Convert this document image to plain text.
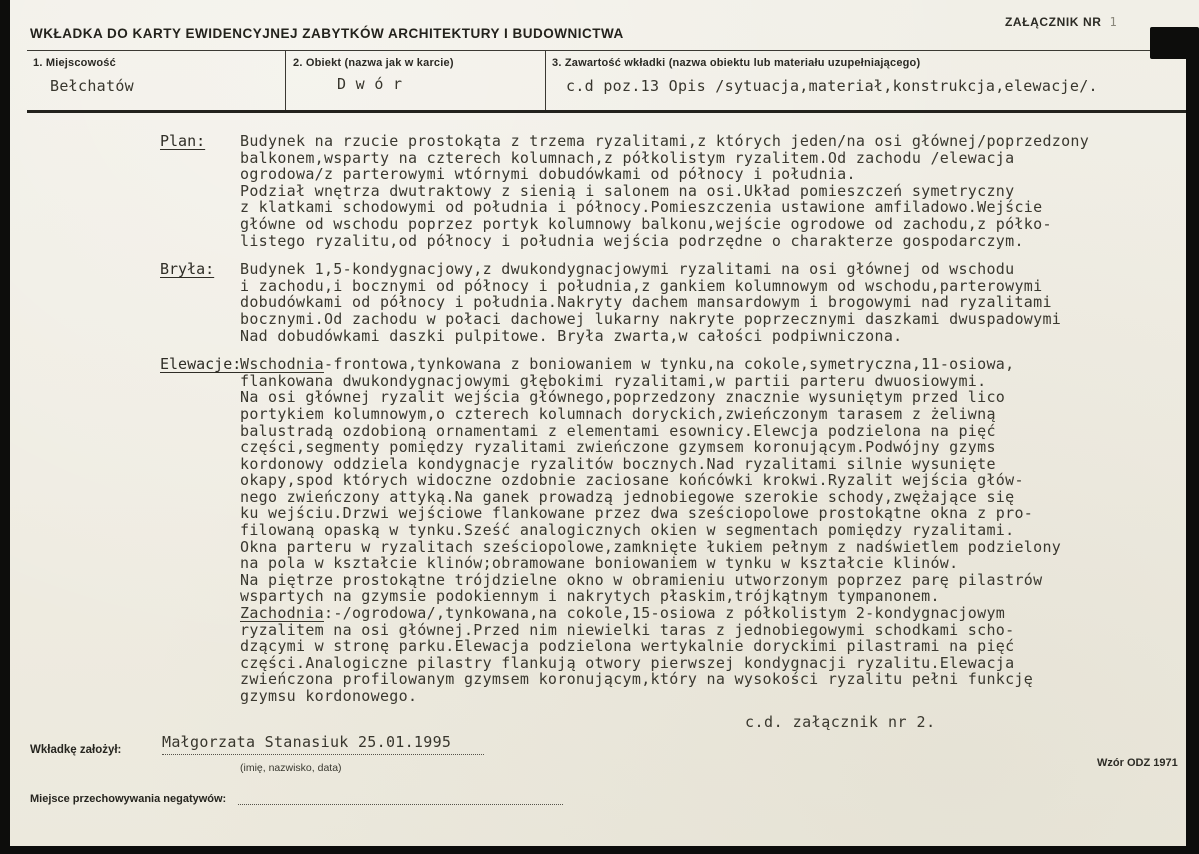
ZAŁĄCZNIK NR 1
WKŁADKA DO KARTY EWIDENCYJNEJ ZABYTKÓW ARCHITEKTURY I BUDOWNICTWA
1. Miejscowość
Bełchatów
2. Obiekt (nazwa jak w karcie)
D w ó r
3. Zawartość wkładki (nazwa obiektu lub materiału uzupełniającego)
c.d poz.13 Opis /sytuacja,materiał,konstrukcja,elewacje/.
Plan:	Budynek na rzucie prostokąta z trzema ryzalitami,z których jeden/na osi głównej/poprzedzony
balkonem,wsparty na czterech kolumnach,z półkolistym ryzalitem.Od zachodu /elewacja
ogrodowa/z parterowymi wtórnymi dobudówkami od północy i południa.
Podział wnętrza dwutraktowy z sienią i salonem na osi.Układ pomieszczeń symetryczny
z klatkami schodowymi od południa i północy.Pomieszczenia ustawione amfiladowo.Wejście
główne od wschodu poprzez portyk kolumnowy balkonu,wejście ogrodowe od zachodu,z półko-
listego ryzalitu,od północy i południa wejścia podrzędne o charakterze gospodarczym.
Bryła:	Budynek 1,5-kondygnacjowy,z dwukondygnacjowymi ryzalitami na osi głównej od wschodu
i zachodu,i bocznymi od północy i południa,z gankiem kolumnowym od wschodu,parterowymi
dobudówkami od północy i południa.Nakryty dachem mansardowym i brogowymi nad ryzalitami
bocznymi.Od zachodu w połaci dachowej lukarny nakryte poprzecznymi daszkami dwuspadowymi
Nad dobudówkami daszki pulpitowe. Bryła zwarta,w całości podpiwniczona.
Elewacje:
Wschodnia-frontowa,tynkowana z boniowaniem w tynku,na cokole,symetryczna,11-osiowa,
flankowana dwukondygnacjowymi głębokimi ryzalitami,w partii parteru dwuosiowymi.
Na osi głównej ryzalit wejścia głównego,poprzedzony znacznie wysuniętym przed lico
portykiem kolumnowym,o czterech kolumnach doryckich,zwieńczonym tarasem z żeliwną
balustradą ozdobioną ornamentami z elementami esownicy.Elewcja podzielona na pięć
części,segmenty pomiędzy ryzalitami zwieńczone gzymsem koronującym.Podwójny gzyms
kordonowy oddziela kondygnacje ryzalitów bocznych.Nad ryzalitami silnie wysunięte
okapy,spod których widoczne ozdobnie zaciosane końcówki krokwi.Ryzalit wejścia głów-
nego zwieńczony attyką.Na ganek prowadzą jednobiegowe szerokie schody,zwężające się
ku wejściu.Drzwi wejściowe flankowane przez dwa sześciopolowe prostokątne okna z pro-
filowaną opaską w tynku.Sześć analogicznych okien w segmentach pomiędzy ryzalitami.
Okna parteru w ryzalitach sześciopolowe,zamknięte łukiem pełnym z nadświetlem podzielony
na pola w kształcie klinów;obramowane boniowaniem w tynku w kształcie klinów.
Na piętrze prostokątne trójdzielne okno w obramieniu utworzonym poprzez parę pilastrów
wspartych na gzymsie podokiennym i nakrytych płaskim,trójkątnym tympanonem.
Zachodnia:-/ogrodowa/,tynkowana,na cokole,15-osiowa z półkolistym 2-kondygnacjowym
ryzalitem na osi głównej.Przed nim niewielki taras z jednobiegowymi schodkami scho-
dzącymi w stronę parku.Elewacja podzielona wertykalnie doryckimi pilastrami na pięć
części.Analogiczne pilastry flankują otwory pierwszej kondygnacji ryzalitu.Elewacja
zwieńczona profilowanym gzymsem koronującym,który na wysokości ryzalitu pełni funkcję
gzymsu kordonowego.
c.d. załącznik nr 2.
Wkładkę założył:	Małgorzata Stanasiuk 25.01.1995
(imię, nazwisko, data)	Wzór ODZ 1971
Miejsce przechowywania negatywów:
